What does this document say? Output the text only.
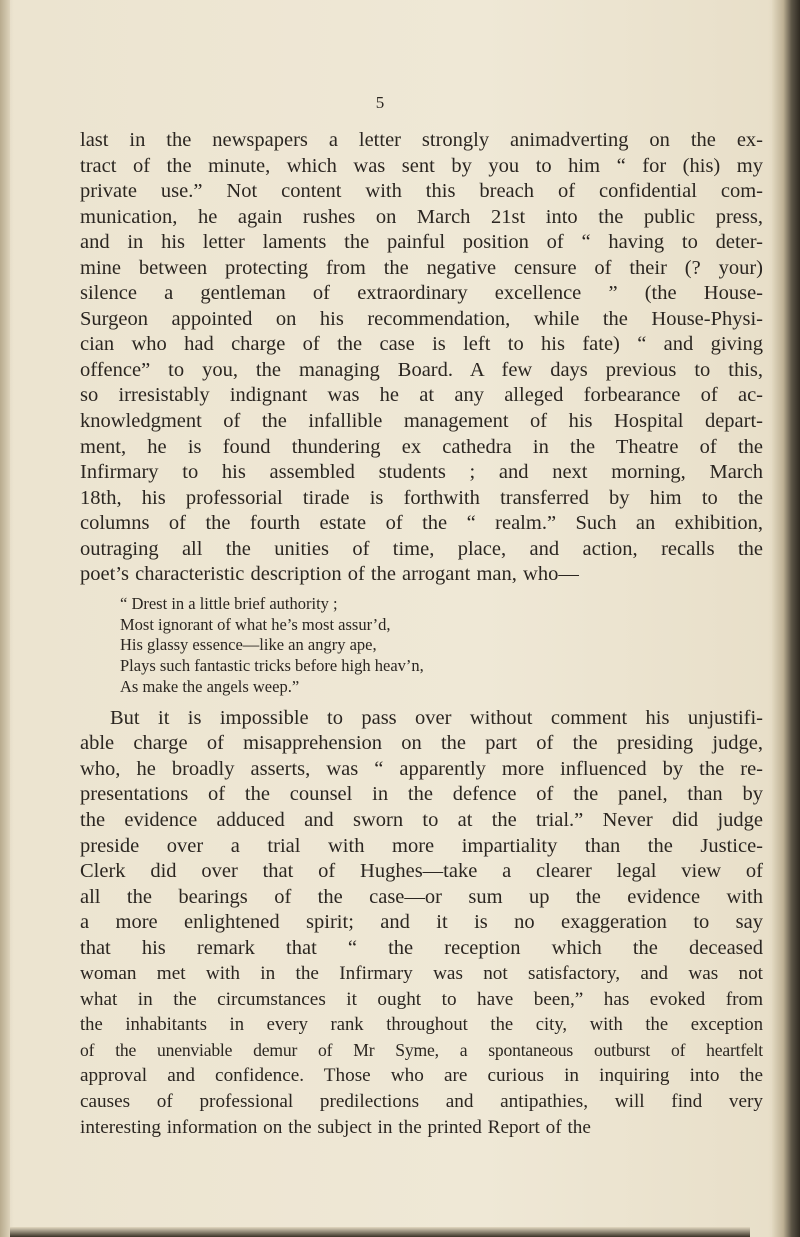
5
last in the newspapers a letter strongly animadverting on the ex-
tract of the minute, which was sent by you to him “ for (his) my
private use.” Not content with this breach of confidential com-
munication, he again rushes on March 21st into the public press,
and in his letter laments the painful position of “ having to deter-
mine between protecting from the negative censure of their (? your)
silence a gentleman of extraordinary excellence ” (the House-
Surgeon appointed on his recommendation, while the House-Physi-
cian who had charge of the case is left to his fate) “ and giving
offence” to you, the managing Board. A few days previous to this,
so irresistably indignant was he at any alleged forbearance of ac-
knowledgment of the infallible management of his Hospital depart-
ment, he is found thundering ex cathedra in the Theatre of the
Infirmary to his assembled students ; and next morning, March
18th, his professorial tirade is forthwith transferred by him to the
columns of the fourth estate of the “ realm.” Such an exhibition,
outraging all the unities of time, place, and action, recalls the
poet’s characteristic description of the arrogant man, who—
“ Drest in a little brief authority ;
Most ignorant of what he’s most assur’d,
His glassy essence—like an angry ape,
Plays such fantastic tricks before high heav’n,
As make the angels weep.”
But it is impossible to pass over without comment his unjustifi-
able charge of misapprehension on the part of the presiding judge,
who, he broadly asserts, was “ apparently more influenced by the re-
presentations of the counsel in the defence of the panel, than by
the evidence adduced and sworn to at the trial.” Never did judge
preside over a trial with more impartiality than the Justice-
Clerk did over that of Hughes—take a clearer legal view of
all the bearings of the case—or sum up the evidence with
a more enlightened spirit; and it is no exaggeration to say
that his remark that “ the reception which the deceased
woman met with in the Infirmary was not satisfactory, and was not
what in the circumstances it ought to have been,” has evoked from
the inhabitants in every rank throughout the city, with the exception
of the unenviable demur of Mr Syme, a spontaneous outburst of heartfelt
approval and confidence. Those who are curious in inquiring into the
causes of professional predilections and antipathies, will find very
interesting information on the subject in the printed Report of the
